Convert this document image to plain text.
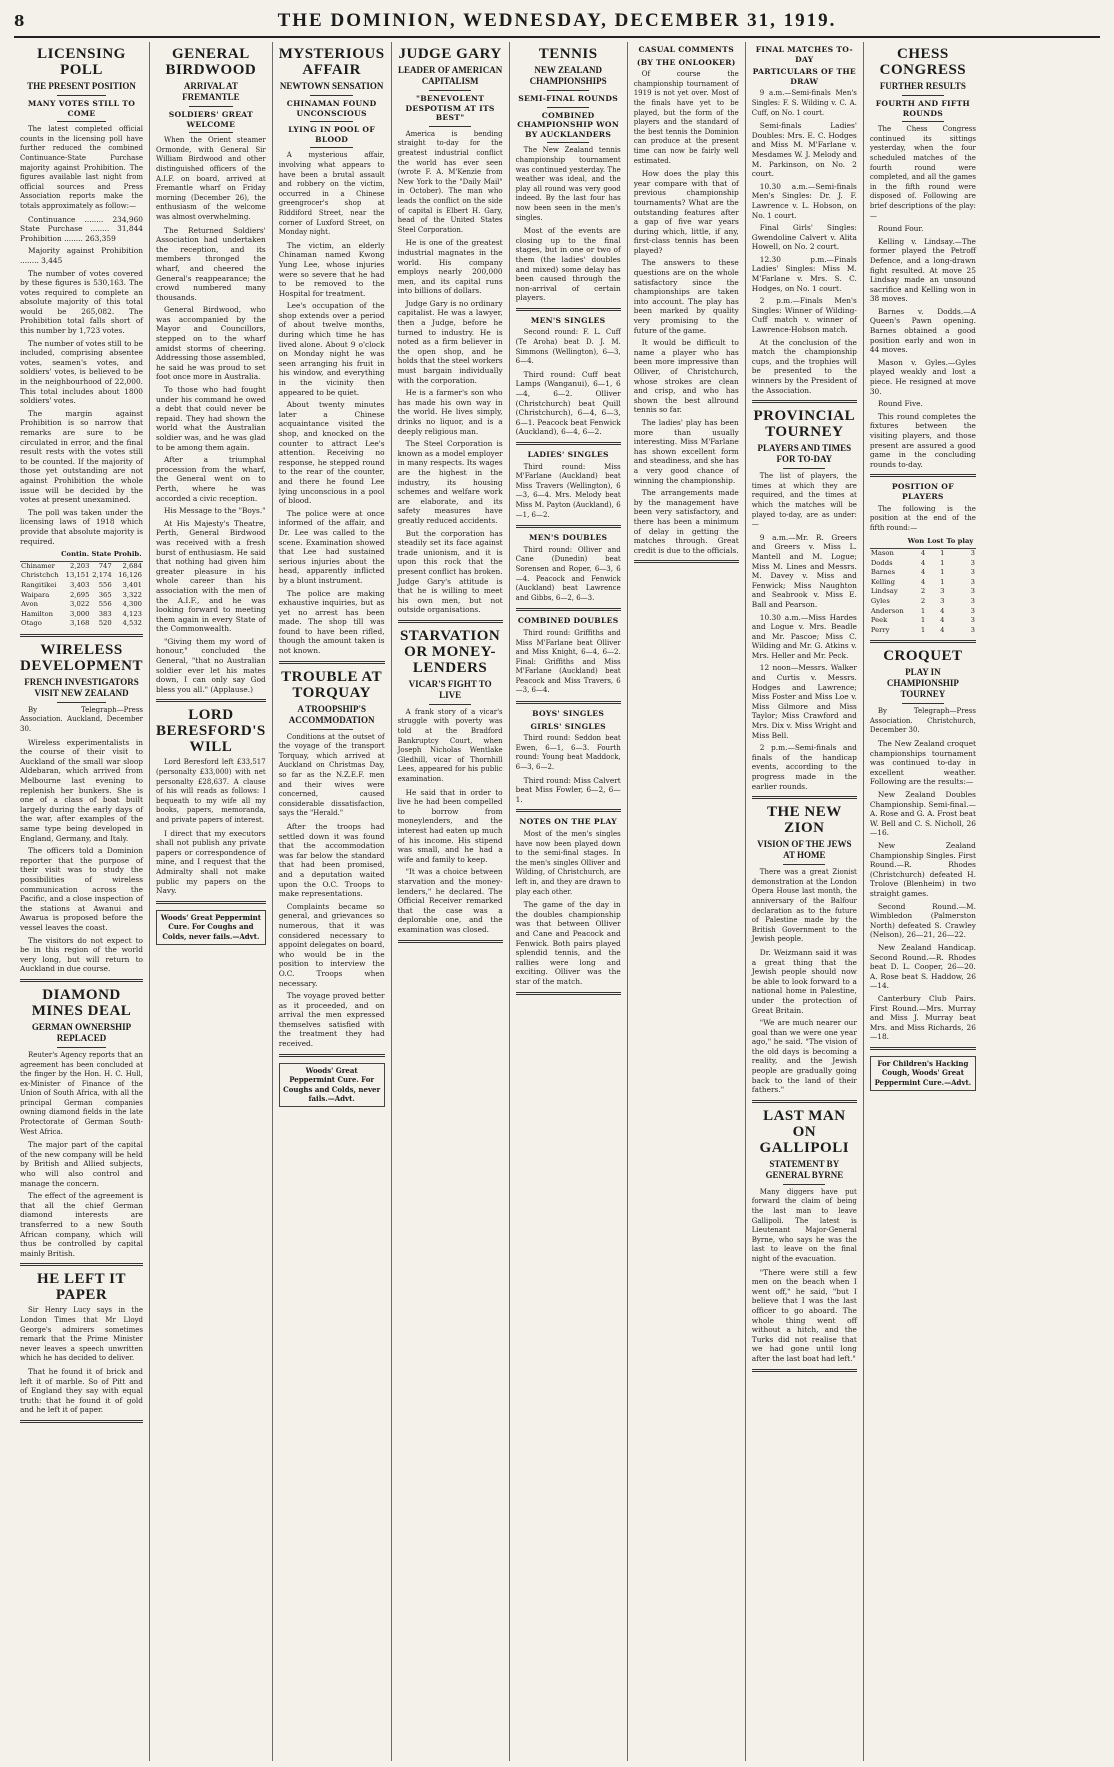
8	THE DOMINION, WEDNESDAY, DECEMBER 31, 1919.
LICENSING POLL
THE PRESENT POSITION
MANY VOTES STILL TO COME

The latest completed official counts in the licensing poll have further reduced the combined Continuance-State Purchase majority against Prohibition. The figures available last night from official sources and Press Association reports make the totals approximately as follow:—

Continuance ........ 234,960 State Purchase ........ 31,844 Prohibition ........ 263,359

Majority against Prohibition ........ 3,445

The number of votes covered by these figures is 530,163. The votes required to complete an absolute majority of this total would be 265,082. The Prohibition total falls short of this number by 1,723 votes.

The number of votes still to be included, comprising absentee votes, seamen's votes, and soldiers' votes, is believed to be in the neighbourhood of 22,000. This total includes about 1800 soldiers' votes.

The margin against Prohibition is so narrow that remarks are sure to be circulated in error, and the final result rests with the votes still to be counted. If the majority of those yet outstanding are not against Prohibition the whole issue will be decided by the votes at present unexamined.

The poll was taken under the licensing laws of 1918 which provide that absolute majority is required.

	Contin.	State	Prohib.
Chinamer	2,203	747	2,684
Christchch	13,151	2,174	16,126
Rangitikei	3,403	556	3,401
Waipara	2,695	365	3,322
Avon	3,022	556	4,300
Hamilton	3,000	383	4,123
Otago	3,168	520	4,532
WIRELESS DEVELOPMENT
FRENCH INVESTIGATORS VISIT NEW ZEALAND

By Telegraph—Press Association. Auckland, December 30.

Wireless experimentalists in the course of their visit to Auckland of the small war sloop Aldebaran, which arrived from Melbourne last evening to replenish her bunkers. She is one of a class of boat built largely during the early days of the war, after examples of the same type being developed in England, Germany, and Italy.

The officers told a Dominion reporter that the purpose of their visit was to study the possibilities of wireless communication across the Pacific, and a close inspection of the stations at Awanui and Awarua is proposed before the vessel leaves the coast.

The visitors do not expect to be in this region of the world very long, but will return to Auckland in due course.

DIAMOND MINES DEAL
GERMAN OWNERSHIP REPLACED

Reuter's Agency reports that an agreement has been concluded at the finger by the Hon. H. C. Hull, ex-Minister of Finance of the Union of South Africa, with all the principal German companies owning diamond fields in the late Protectorate of German South-West Africa.

The major part of the capital of the new company will be held by British and Allied subjects, who will also control and manage the concern.

The effect of the agreement is that all the chief German diamond interests are transferred to a new South African company, which will thus be controlled by capital mainly British.

HE LEFT IT PAPER

Sir Henry Lucy says in the London Times that Mr Lloyd George's admirers sometimes remark that the Prime Minister never leaves a speech unwritten which he has decided to deliver.

That he found it of brick and left it of marble. So of Pitt and of England they say with equal truth: that he found it of gold and he left it of paper.

GENERAL BIRDWOOD
ARRIVAL AT FREMANTLE
SOLDIERS' GREAT WELCOME

When the Orient steamer Ormonde, with General Sir William Birdwood and other distinguished officers of the A.I.F. on board, arrived at Fremantle wharf on Friday morning (December 26), the enthusiasm of the welcome was almost overwhelming.

The Returned Soldiers' Association had undertaken the reception, and its members thronged the wharf, and cheered the General's reappearance; the crowd numbered many thousands.

General Birdwood, who was accompanied by the Mayor and Councillors, stepped on to the wharf amidst storms of cheering. Addressing those assembled, he said he was proud to set foot once more in Australia.

To those who had fought under his command he owed a debt that could never be repaid. They had shown the world what the Australian soldier was, and he was glad to be among them again.

After a triumphal procession from the wharf, the General went on to Perth, where he was accorded a civic reception.

His Message to the "Boys."

At His Majesty's Theatre, Perth, General Birdwood was received with a fresh burst of enthusiasm. He said that nothing had given him greater pleasure in his whole career than his association with the men of the A.I.F., and he was looking forward to meeting them again in every State of the Commonwealth.

"Giving them my word of honour," concluded the General, "that no Australian soldier ever let his mates down, I can only say God bless you all." (Applause.)

LORD BERESFORD'S WILL

Lord Beresford left £33,517 (personalty £33,000) with net personalty £28,637. A clause of his will reads as follows: I bequeath to my wife all my books, papers, memoranda, and private papers of interest.

I direct that my executors shall not publish any private papers or correspondence of mine, and I request that the Admiralty shall not make public my papers on the Navy.

Woods' Great Peppermint Cure. For Coughs and Colds, never fails.—Advt.
MYSTERIOUS AFFAIR
NEWTOWN SENSATION
CHINAMAN FOUND UNCONSCIOUS
LYING IN POOL OF BLOOD

A mysterious affair, involving what appears to have been a brutal assault and robbery on the victim, occurred in a Chinese greengrocer's shop at Riddiford Street, near the corner of Luxford Street, on Monday night.

The victim, an elderly Chinaman named Kwong Yung Lee, whose injuries were so severe that he had to be removed to the Hospital for treatment.

Lee's occupation of the shop extends over a period of about twelve months, during which time he has lived alone. About 9 o'clock on Monday night he was seen arranging his fruit in his window, and everything in the vicinity then appeared to be quiet.

About twenty minutes later a Chinese acquaintance visited the shop, and knocked on the counter to attract Lee's attention. Receiving no response, he stepped round to the rear of the counter, and there he found Lee lying unconscious in a pool of blood.

The police were at once informed of the affair, and Dr. Lee was called to the scene. Examination showed that Lee had sustained serious injuries about the head, apparently inflicted by a blunt instrument.

The police are making exhaustive inquiries, but as yet no arrest has been made. The shop till was found to have been rifled, though the amount taken is not known.

TROUBLE AT TORQUAY
A TROOPSHIP'S ACCOMMODATION

Conditions at the outset of the voyage of the transport Torquay, which arrived at Auckland on Christmas Day, so far as the N.Z.E.F. men and their wives were concerned, caused considerable dissatisfaction, says the "Herald."

After the troops had settled down it was found that the accommodation was far below the standard that had been promised, and a deputation waited upon the O.C. Troops to make representations.

Complaints became so general, and grievances so numerous, that it was considered necessary to appoint delegates on board, who would be in the position to interview the O.C. Troops when necessary.

The voyage proved better as it proceeded, and on arrival the men expressed themselves satisfied with the treatment they had received.

Woods' Great Peppermint Cure. For Coughs and Colds, never fails.—Advt.
JUDGE GARY
LEADER OF AMERICAN CAPITALISM
"BENEVOLENT DESPOTISM AT ITS BEST"

America is bending straight to-day for the greatest industrial conflict the world has ever seen (wrote F. A. M'Kenzie from New York to the "Daily Mail" in October). The man who leads the conflict on the side of capital is Elbert H. Gary, head of the United States Steel Corporation.

He is one of the greatest industrial magnates in the world. His company employs nearly 200,000 men, and its capital runs into billions of dollars.

Judge Gary is no ordinary capitalist. He was a lawyer, then a Judge, before he turned to industry. He is noted as a firm believer in the open shop, and he holds that the steel workers must bargain individually with the corporation.

He is a farmer's son who has made his own way in the world. He lives simply, drinks no liquor, and is a deeply religious man.

The Steel Corporation is known as a model employer in many respects. Its wages are the highest in the industry, its housing schemes and welfare work are elaborate, and its safety measures have greatly reduced accidents.

But the corporation has steadily set its face against trade unionism, and it is upon this rock that the present conflict has broken. Judge Gary's attitude is that he is willing to meet his own men, but not outside organisations.

STARVATION OR MONEY-LENDERS
VICAR'S FIGHT TO LIVE

A frank story of a vicar's struggle with poverty was told at the Bradford Bankruptcy Court, when Joseph Nicholas Wentlake Gledhill, vicar of Thornhill Lees, appeared for his public examination.

He said that in order to live he had been compelled to borrow from moneylenders, and the interest had eaten up much of his income. His stipend was small, and he had a wife and family to keep.

"It was a choice between starvation and the money-lenders," he declared. The Official Receiver remarked that the case was a deplorable one, and the examination was closed.

TENNIS
NEW ZEALAND CHAMPIONSHIPS
SEMI-FINAL ROUNDS
COMBINED CHAMPIONSHIP WON BY AUCKLANDERS

The New Zealand tennis championship tournament was continued yesterday. The weather was ideal, and the play all round was very good indeed. By the last four has now been seen in the men's singles.

Most of the events are closing up to the final stages, but in one or two of them (the ladies' doubles and mixed) some delay has been caused through the non-arrival of certain players.

MEN'S SINGLES

Second round: F. L. Cuff (Te Aroha) beat D. J. M. Simmons (Wellington), 6—3, 6—4.

Third round: Cuff beat Lamps (Wanganui), 6—1, 6—4, 6—2. Olliver (Christchurch) beat Quill (Christchurch), 6—4, 6—3, 6—1. Peacock beat Fenwick (Auckland), 6—4, 6—2.

LADIES' SINGLES

Third round: Miss M'Farlane (Auckland) beat Miss Travers (Wellington), 6—3, 6—4. Mrs. Melody beat Miss M. Payton (Auckland), 6—1, 6—2.

MEN'S DOUBLES

Third round: Olliver and Cane (Dunedin) beat Sorensen and Roper, 6—3, 6—4. Peacock and Fenwick (Auckland) beat Lawrence and Gibbs, 6—2, 6—3.

COMBINED DOUBLES

Third round: Griffiths and Miss M'Farlane beat Olliver and Miss Knight, 6—4, 6—2. Final: Griffiths and Miss M'Farlane (Auckland) beat Peacock and Miss Travers, 6—3, 6—4.

BOYS' SINGLES
GIRLS' SINGLES

Third round: Seddon beat Ewen, 6—1, 6—3. Fourth round: Young beat Maddock, 6—3, 6—2.

Third round: Miss Calvert beat Miss Fowler, 6—2, 6—1.

NOTES ON THE PLAY

Most of the men's singles have now been played down to the semi-final stages. In the men's singles Olliver and Wilding, of Christchurch, are left in, and they are drawn to play each other.

The game of the day in the doubles championship was that between Olliver and Cane and Peacock and Fenwick. Both pairs played splendid tennis, and the rallies were long and exciting. Olliver was the star of the match.

CASUAL COMMENTS
(BY THE ONLOOKER)

Of course the championship tournament of 1919 is not yet over. Most of the finals have yet to be played, but the form of the players and the standard of the best tennis the Dominion can produce at the present time can now be fairly well estimated.

How does the play this year compare with that of previous championship tournaments? What are the outstanding features after a gap of five war years during which, little, if any, first-class tennis has been played?

The answers to these questions are on the whole satisfactory since the championships are taken into account. The play has been marked by quality very promising to the future of the game.

It would be difficult to name a player who has been more impressive than Olliver, of Christchurch, whose strokes are clean and crisp, and who has shown the best allround tennis so far.

The ladies' play has been more than usually interesting. Miss M'Farlane has shown excellent form and steadiness, and she has a very good chance of winning the championship.

The arrangements made by the management have been very satisfactory, and there has been a minimum of delay in getting the matches through. Great credit is due to the officials.

FINAL MATCHES TO-DAY
PARTICULARS OF THE DRAW

9 a.m.—Semi-finals Men's Singles: F. S. Wilding v. C. A. Cuff, on No. 1 court.

Semi-finals Ladies' Doubles: Mrs. E. C. Hodges and Miss M. M'Farlane v. Mesdames W. J. Melody and M. Parkinson, on No. 2 court.

10.30 a.m.—Semi-finals Men's Singles: Dr. J. F. Lawrence v. L. Hobson, on No. 1 court.

Final Girls' Singles: Gwendoline Calvert v. Alita Howell, on No. 2 court.

12.30 p.m.—Finals Ladies' Singles: Miss M. M'Farlane v. Mrs. S. C. Hodges, on No. 1 court.

2 p.m.—Finals Men's Singles: Winner of Wilding-Cuff match v. winner of Lawrence-Hobson match.

At the conclusion of the match the championship cups, and the trophies will be presented to the winners by the President of the Association.

PROVINCIAL TOURNEY
PLAYERS AND TIMES FOR TO-DAY

The list of players, the times at which they are required, and the times at which the matches will be played to-day, are as under:—

9 a.m.—Mr. R. Greers and Greers v. Miss L. Mantell and M. Logue; Miss M. Lines and Messrs. M. Davey v. Miss and Fenwick; Miss Naughton and Seabrook v. Miss E. Ball and Pearson.

10.30 a.m.—Miss Hardes and Logue v. Mrs. Beadle and Mr. Pascoe; Miss C. Wilding and Mr. G. Atkins v. Mrs. Heller and Mr. Peck.

12 noon—Messrs. Walker and Curtis v. Messrs. Hodges and Lawrence; Miss Foster and Miss Loe v. Miss Gilmore and Miss Taylor; Miss Crawford and Mrs. Dix v. Miss Wright and Miss Bell.

2 p.m.—Semi-finals and finals of the handicap events, according to the progress made in the earlier rounds.

THE NEW ZION
VISION OF THE JEWS AT HOME

There was a great Zionist demonstration at the London Opera House last month, the anniversary of the Balfour declaration as to the future of Palestine made by the British Government to the Jewish people.

Dr. Weizmann said it was a great thing that the Jewish people should now be able to look forward to a national home in Palestine, under the protection of Great Britain.

"We are much nearer our goal than we were one year ago," he said. "The vision of the old days is becoming a reality, and the Jewish people are gradually going back to the land of their fathers."

LAST MAN ON GALLIPOLI
STATEMENT BY GENERAL BYRNE

Many diggers have put forward the claim of being the last man to leave Gallipoli. The latest is Lieutenant Major-General Byrne, who says he was the last to leave on the final night of the evacuation.

"There were still a few men on the beach when I went off," he said, "but I believe that I was the last officer to go aboard. The whole thing went off without a hitch, and the Turks did not realise that we had gone until long after the last boat had left."

CHESS CONGRESS
FURTHER RESULTS
FOURTH AND FIFTH ROUNDS

The Chess Congress continued its sittings yesterday, when the four scheduled matches of the fourth round were completed, and all the games in the fifth round were disposed of. Following are brief descriptions of the play:—

Round Four.

Kelling v. Lindsay.—The former played the Petroff Defence, and a long-drawn fight resulted. At move 25 Lindsay made an unsound sacrifice and Kelling won in 38 moves.

Barnes v. Dodds.—A Queen's Pawn opening. Barnes obtained a good position early and won in 44 moves.

Mason v. Gyles.—Gyles played weakly and lost a piece. He resigned at move 30.

Round Five.

This round completes the fixtures between the visiting players, and those present are assured a good game in the concluding rounds to-day.

POSITION OF PLAYERS

The following is the position at the end of the fifth round:—

	Won	Lost	To play
Mason	4	1	3
Dodds	4	1	3
Barnes	4	1	3
Kelling	4	1	3
Lindsay	2	3	3
Gyles	2	3	3
Anderson	1	4	3
Peek	1	4	3
Perry	1	4	3
CROQUET
PLAY IN CHAMPIONSHIP TOURNEY

By Telegraph—Press Association. Christchurch, December 30.

The New Zealand croquet championships tournament was continued to-day in excellent weather. Following are the results:—

New Zealand Doubles Championship. Semi-final.—A. Rose and G. A. Frost beat W. Bell and C. S. Nicholl, 26—16.

New Zealand Championship Singles. First Round.—R. Rhodes (Christchurch) defeated H. Trolove (Blenheim) in two straight games.

Second Round.—M. Wimbledon (Palmerston North) defeated S. Crawley (Nelson), 26—21, 26—22.

New Zealand Handicap. Second Round.—R. Rhodes beat D. L. Cooper, 26—20. A. Rose beat S. Haddow, 26—14.

Canterbury Club Pairs. First Round.—Mrs. Murray and Miss J. Murray beat Mrs. and Miss Richards, 26—18.

For Children's Hacking Cough, Woods' Great Peppermint Cure.—Advt.
